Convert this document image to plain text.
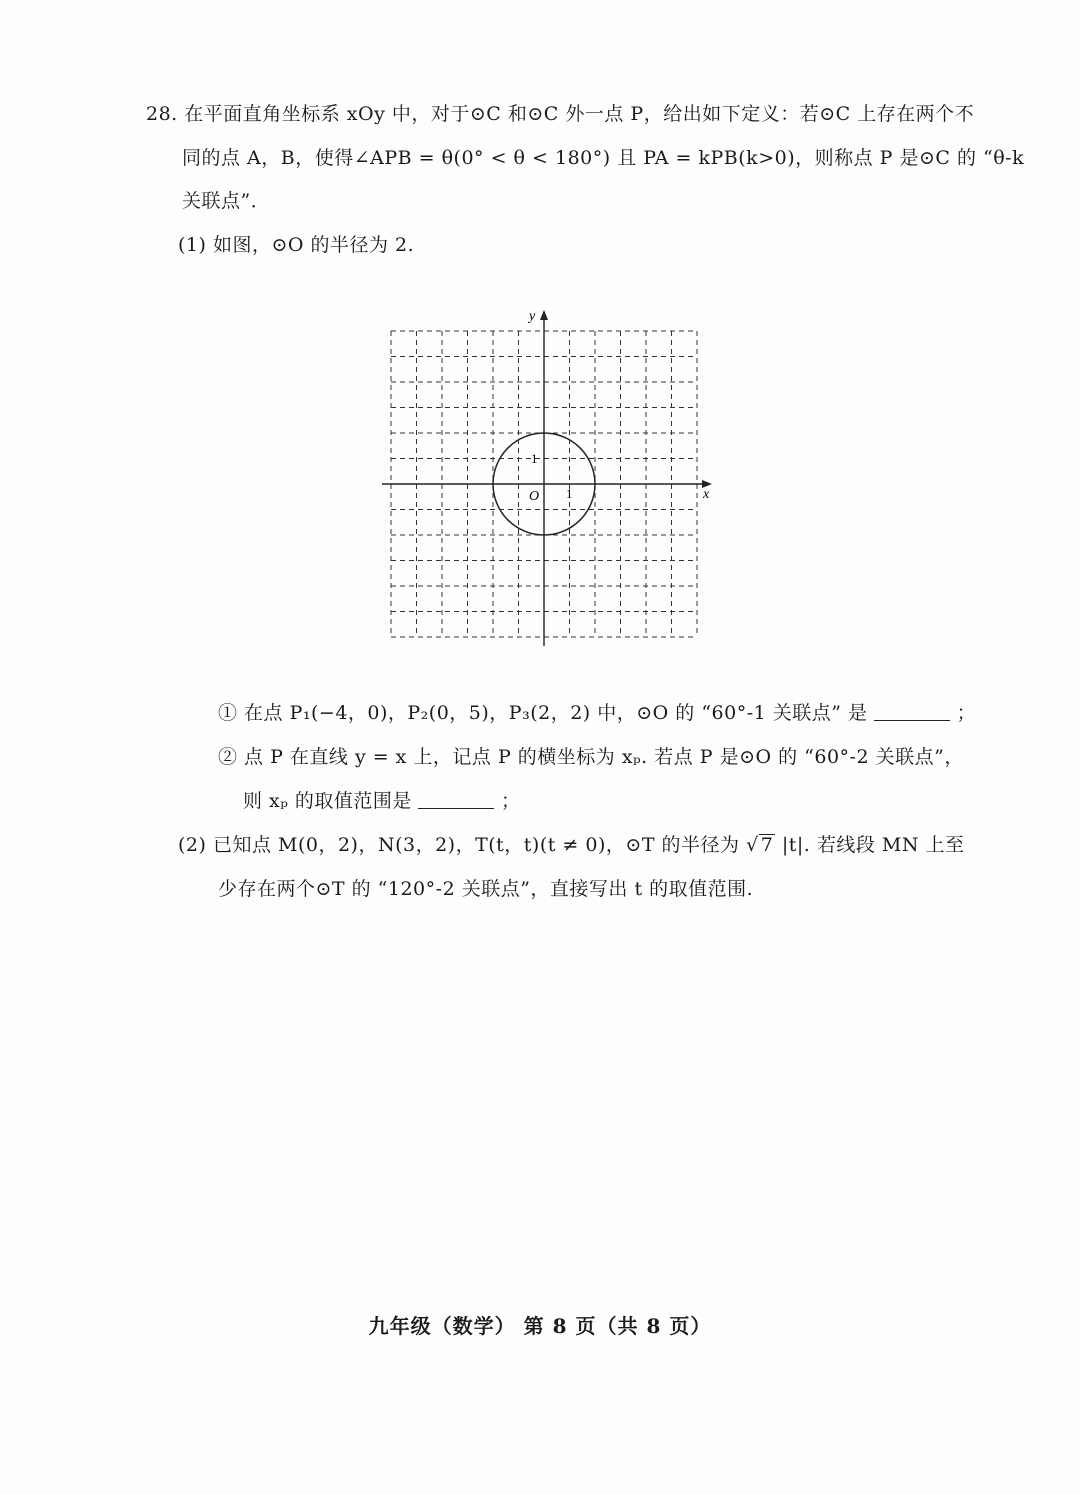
28. 在平面直角坐标系 xOy 中，对于⊙C 和⊙C 外一点 P，给出如下定义：若⊙C 上存在两个不
同的点 A，B，使得∠APB = θ(0° < θ < 180°) 且 PA = kPB(k>0)，则称点 P 是⊙C 的 “θ-k
关联点”．
(1) 如图，⊙O 的半径为 2.
x
y
O 1
1
① 在点 P₁(−4，0)，P₂(0，5)，P₃(2，2) 中，⊙O 的 “60°-1 关联点” 是	；
② 点 P 在直线 y = x 上，记点 P 的横坐标为 xₚ. 若点 P 是⊙O 的 “60°-2 关联点”，
则 xₚ 的取值范围是	；
(2) 已知点 M(0，2)，N(3，2)，T(t，t)(t ≠ 0)，⊙T 的半径为 √ 7 |t|. 若线段 MN 上至
少存在两个⊙T 的 “120°-2 关联点”，直接写出 t 的取值范围.
九年级（数学） 第 8 页（共 8 页）
